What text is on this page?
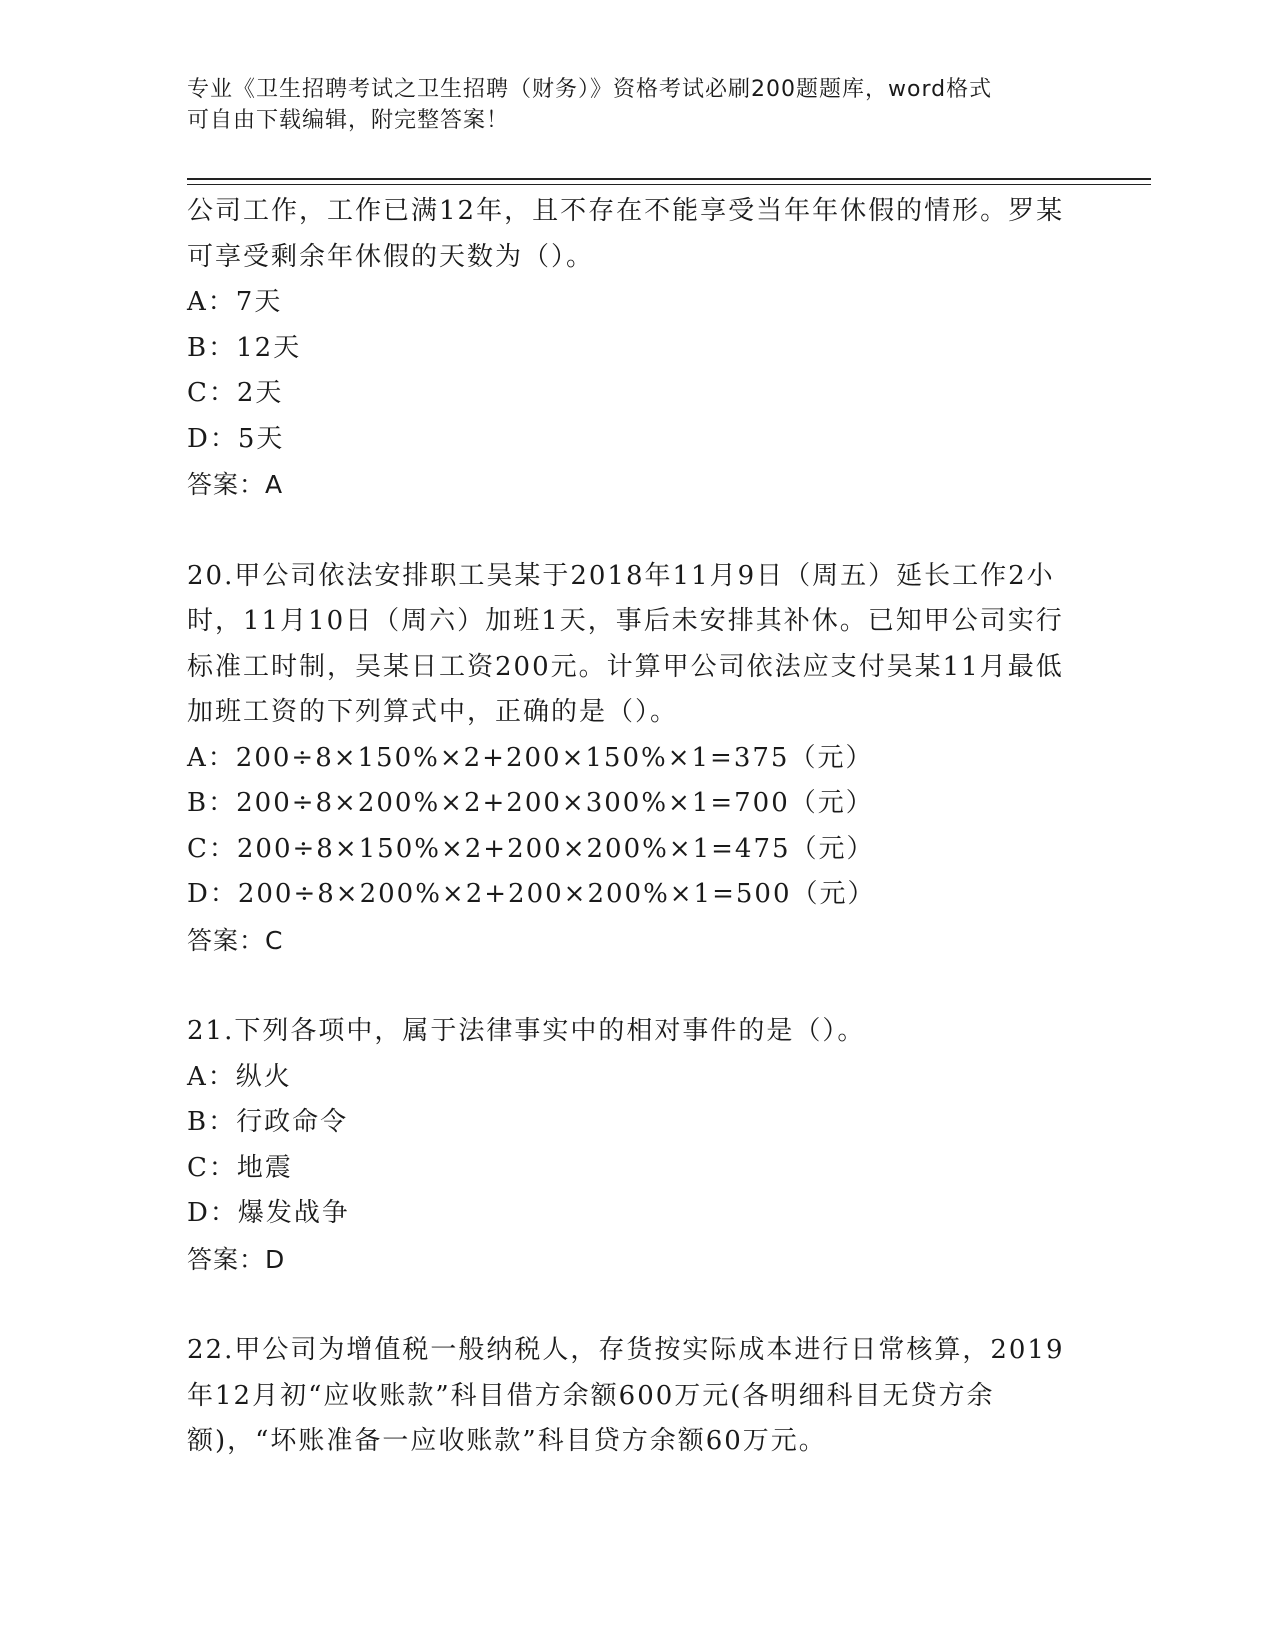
专业《卫生招聘考试之卫生招聘（财务）》资格考试必刷200题题库，word格式
可自由下载编辑，附完整答案！

公司工作，工作已满12年，且不存在不能享受当年年休假的情形。罗某可享受剩余年休假的天数为（）。

A：7天

B：12天

C：2天

D：5天

答案：A

20.甲公司依法安排职工吴某于2018年11月9日（周五）延长工作2小时，11月10日（周六）加班1天，事后未安排其补休。已知甲公司实行标准工时制，吴某日工资200元。计算甲公司依法应支付吴某11月最低加班工资的下列算式中，正确的是（）。

A：200÷8×150%×2+200×150%×1=375（元）

B：200÷8×200%×2+200×300%×1=700（元）

C：200÷8×150%×2+200×200%×1=475（元）

D：200÷8×200%×2+200×200%×1=500（元）

答案：C

21.下列各项中，属于法律事实中的相对事件的是（）。

A：纵火

B：行政命令

C：地震

D：爆发战争

答案：D

22.甲公司为增值税一般纳税人，存货按实际成本进行日常核算，2019年12月初“应收账款”科目借方余额600万元(各明细科目无贷方余额)，“坏账准备一应收账款”科目贷方余额60万元。
